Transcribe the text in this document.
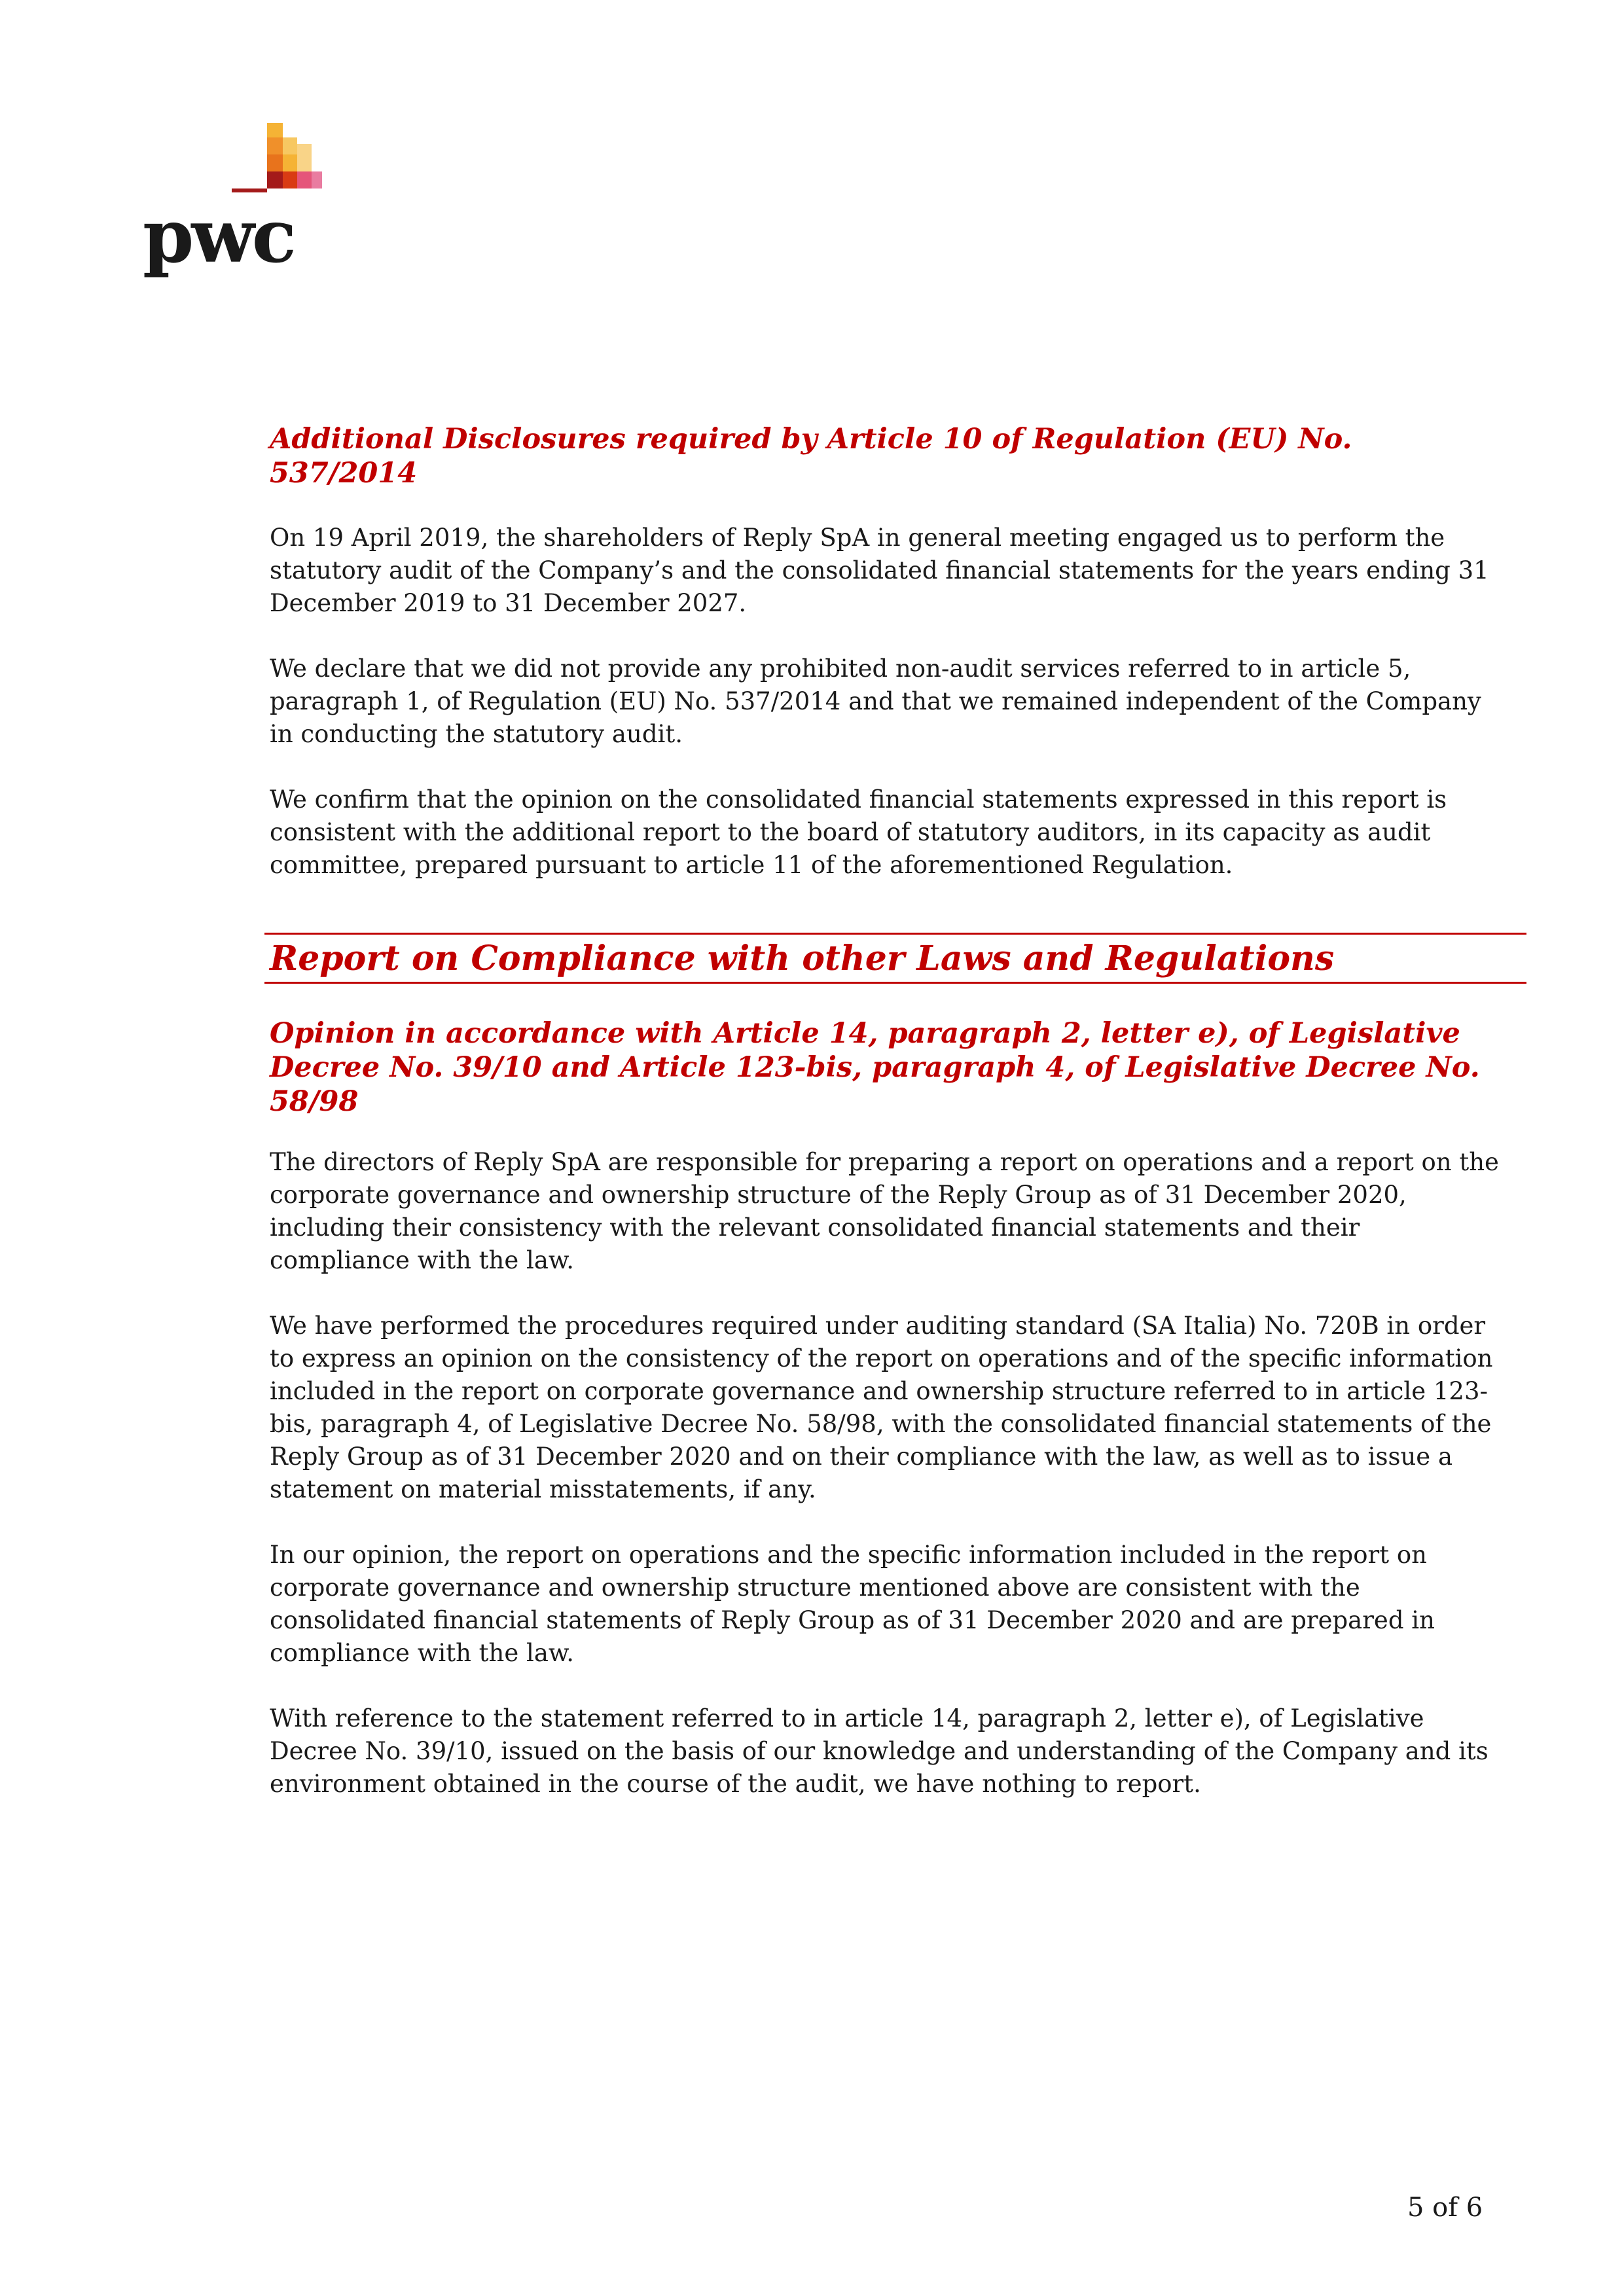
pwc
Additional Disclosures required by Article 10 of Regulation (EU) No. 537/2014

On 19 April 2019, the shareholders of Reply SpA in general meeting engaged us to perform the statutory audit of the Company’s and the consolidated financial statements for the years ending 31 December 2019 to 31 December 2027.

We declare that we did not provide any prohibited non-audit services referred to in article 5, paragraph 1, of Regulation (EU) No. 537/2014 and that we remained independent of the Company in conducting the statutory audit.

We confirm that the opinion on the consolidated financial statements expressed in this report is consistent with the additional report to the board of statutory auditors, in its capacity as audit committee, prepared pursuant to article 11 of the aforementioned Regulation.

Report on Compliance with other Laws and Regulations
Opinion in accordance with Article 14, paragraph 2, letter e), of Legislative Decree No. 39/10 and Article 123-bis, paragraph 4, of Legislative Decree No. 58/98

The directors of Reply SpA are responsible for preparing a report on operations and a report on the corporate governance and ownership structure of the Reply Group as of 31 December 2020, including their consistency with the relevant consolidated financial statements and their compliance with the law.

We have performed the procedures required under auditing standard (SA Italia) No. 720B in order to express an opinion on the consistency of the report on operations and of the specific information included in the report on corporate governance and ownership structure referred to in article 123-bis, paragraph 4, of Legislative Decree No. 58/98, with the consolidated financial statements of the Reply Group as of 31 December 2020 and on their compliance with the law, as well as to issue a statement on material misstatements, if any.

In our opinion, the report on operations and the specific information included in the report on corporate governance and ownership structure mentioned above are consistent with the consolidated financial statements of Reply Group as of 31 December 2020 and are prepared in compliance with the law.

With reference to the statement referred to in article 14, paragraph 2, letter e), of Legislative Decree No. 39/10, issued on the basis of our knowledge and understanding of the Company and its environment obtained in the course of the audit, we have nothing to report.

5 of 6
